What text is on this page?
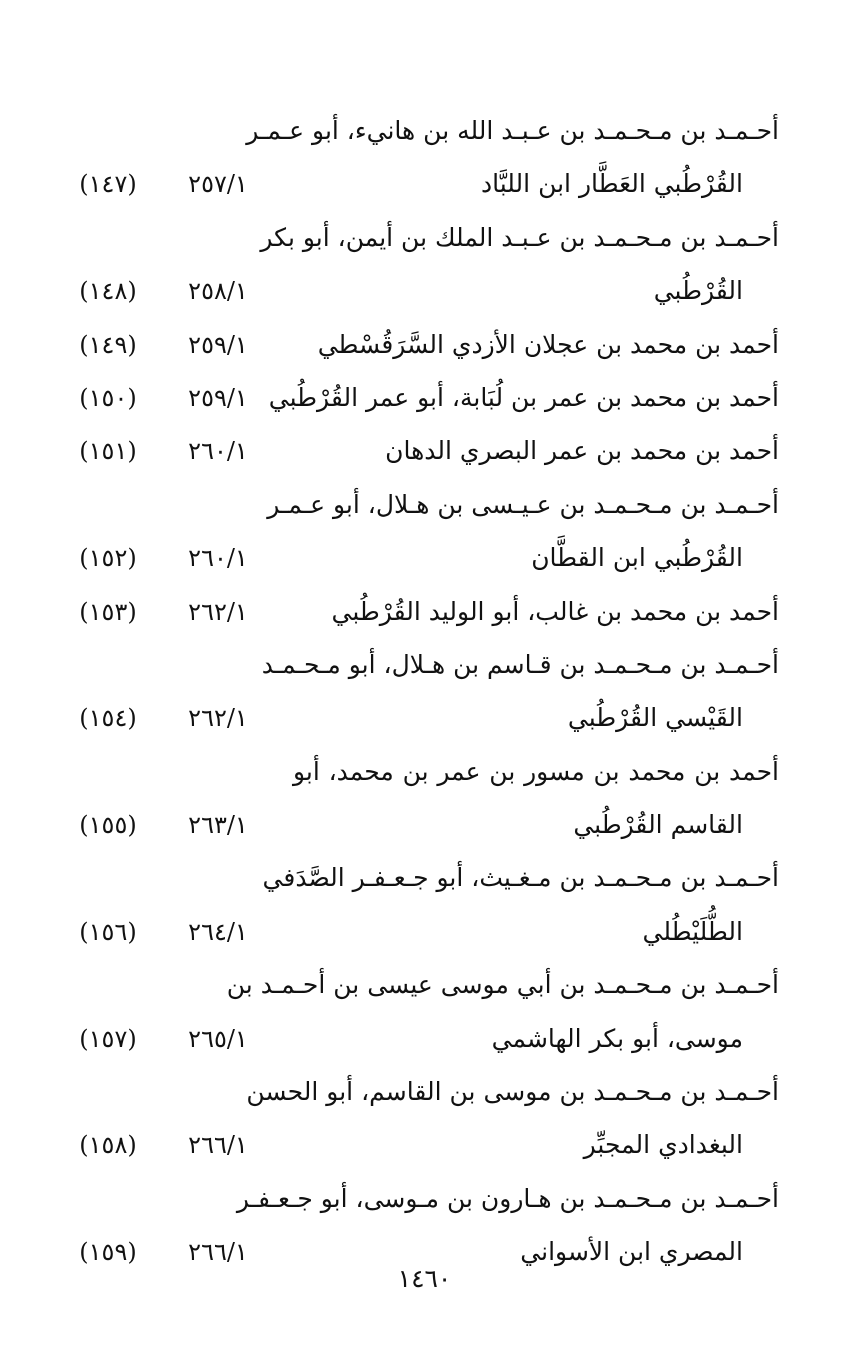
أحـمـد بن مـحـمـد بن عـبـد الله بن هانيء، أبو عـمـر
القُرْطُبي العَطَّار ابن اللبَّاد
٢٥٧/١
(١٤٧)
أحـمـد بن مـحـمـد بن عـبـد الملك بن أيمن، أبو بكر
القُرْطُبي
٢٥٨/١
(١٤٨)
أحمد بن محمد بن عجلان الأزدي السَّرَقُسْطي
٢٥٩/١
(١٤٩)
أحمد بن محمد بن عمر بن لُبَابة، أبو عمر القُرْطُبي
٢٥٩/١
(١٥٠)
أحمد بن محمد بن عمر البصري الدهان
٢٦٠/١
(١٥١)
أحـمـد بن مـحـمـد بن عـيـسى بن هـلال، أبو عـمـر
القُرْطُبي ابن القطَّان
٢٦٠/١
(١٥٢)
أحمد بن محمد بن غالب، أبو الوليد القُرْطُبي
٢٦٢/١
(١٥٣)
أحـمـد بن مـحـمـد بن قـاسم بن هـلال، أبو مـحـمـد
القَيْسي القُرْطُبي
٢٦٢/١
(١٥٤)
أحمد بن محمد بن مسور بن عمر بن محمد، أبو
القاسم القُرْطُبي
٢٦٣/١
(١٥٥)
أحـمـد بن مـحـمـد بن مـغـيث، أبو جـعـفـر الصَّدَفي
الطُّلَيْطُلي
٢٦٤/١
(١٥٦)
أحـمـد بن مـحـمـد بن أبي موسى عيسى بن أحـمـد بن
موسى، أبو بكر الهاشمي
٢٦٥/١
(١٥٧)
أحـمـد بن مـحـمـد بن موسى بن القاسم، أبو الحسن
البغدادي المجبِّر
٢٦٦/١
(١٥٨)
أحـمـد بن مـحـمـد بن هـارون بن مـوسى، أبو جـعـفـر
المصري ابن الأسواني
٢٦٦/١
(١٥٩)
١٤٦٠
